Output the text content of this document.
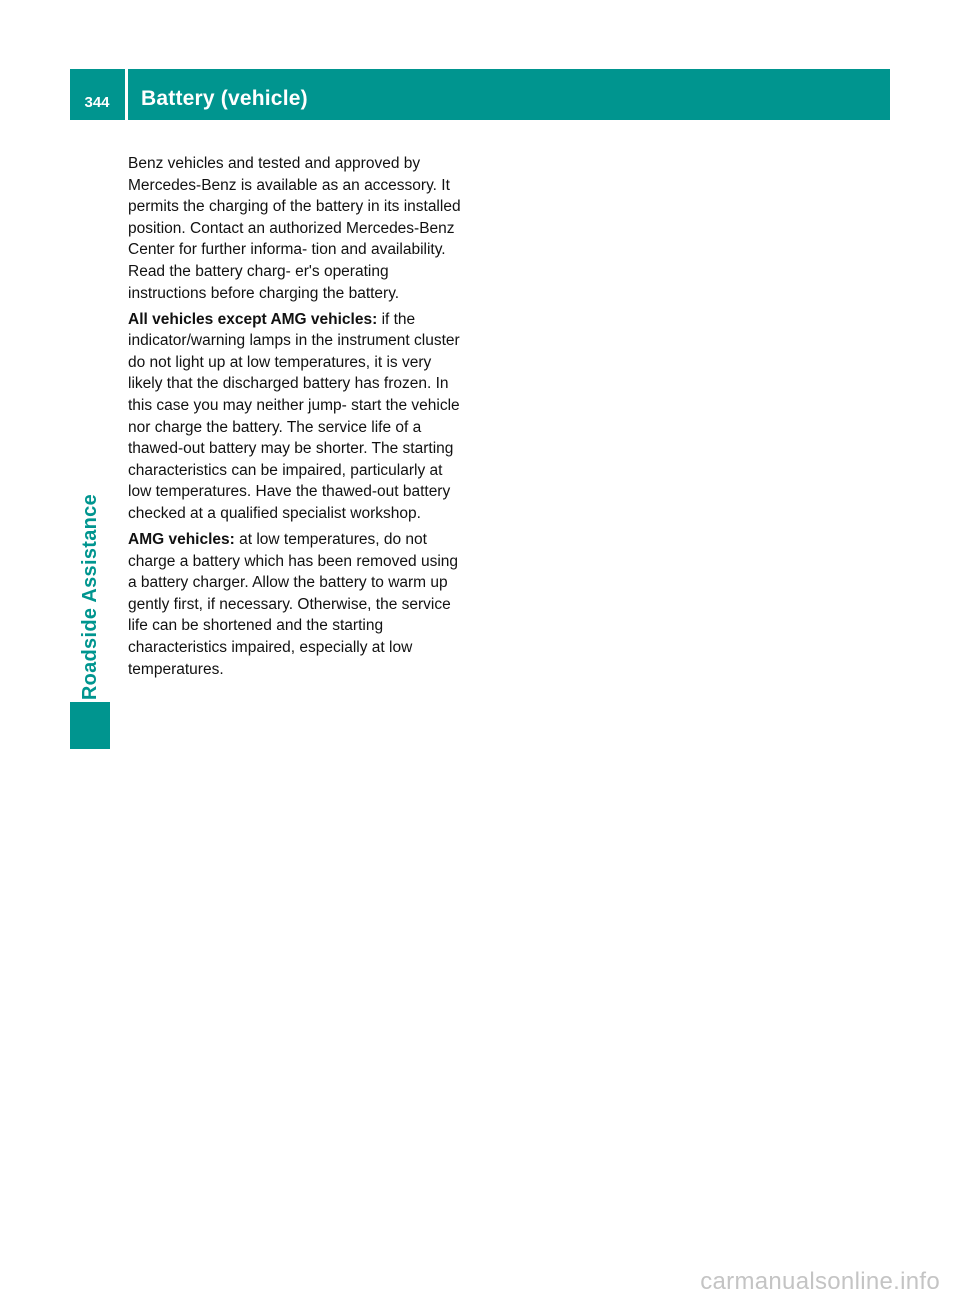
344	Battery (vehicle)
Roadside Assistance

Benz vehicles and tested and approved by Mercedes-Benz is available as an accessory. It permits the charging of the battery in its installed position. Contact an authorized Mercedes-Benz Center for further informa- tion and availability. Read the battery charg- er's operating instructions before charging the battery.

All vehicles except AMG vehicles: if the indicator/warning lamps in the instrument cluster do not light up at low temperatures, it is very likely that the discharged battery has frozen. In this case you may neither jump- start the vehicle nor charge the battery. The service life of a thawed-out battery may be shorter. The starting characteristics can be impaired, particularly at low temperatures. Have the thawed-out battery checked at a qualified specialist workshop.

AMG vehicles: at low temperatures, do not charge a battery which has been removed using a battery charger. Allow the battery to warm up gently first, if necessary. Otherwise, the service life can be shortened and the starting characteristics impaired, especially at low temperatures.

carmanualsonline.info
